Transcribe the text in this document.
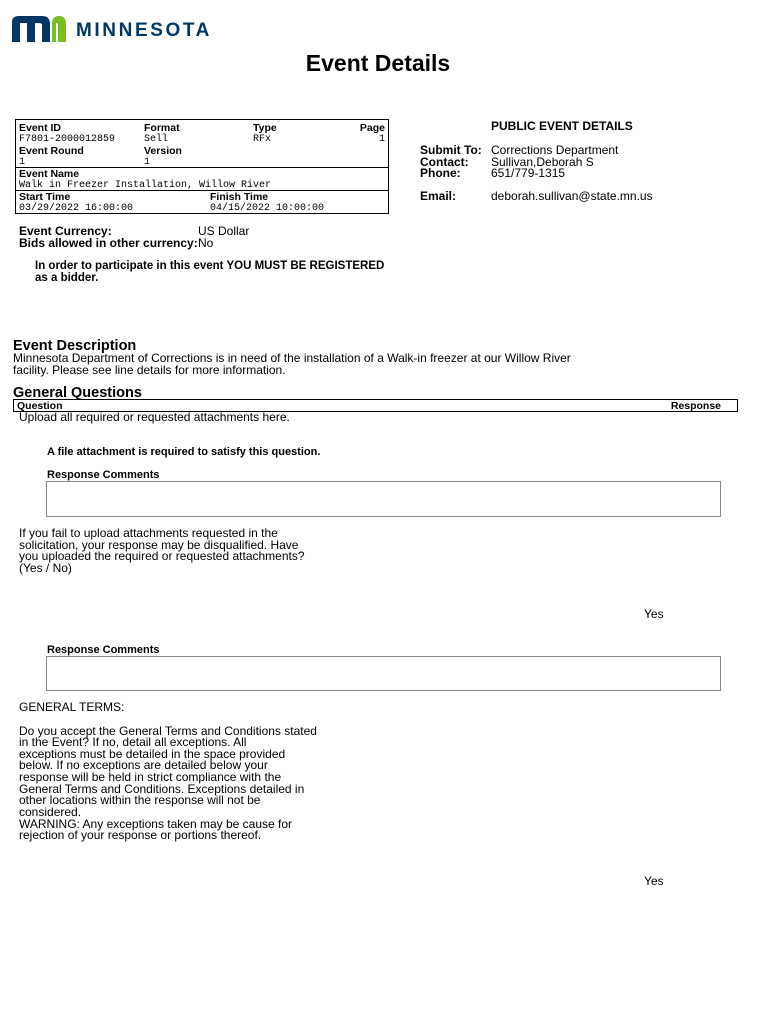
MINNESOTA
Event Details
Event ID	Format	Type	Page
F7801-2000012859	Sell	RFx	1
Event Round	Version
1	1
Event Name
Walk in Freezer Installation, Willow River
Start Time	Finish Time
03/29/2022 16:00:00	04/15/2022 10:00:00
PUBLIC EVENT DETAILS
Submit To: Corrections Department
Contact: Sullivan,Deborah S
Phone:	651/779-1315
Email:	deborah.sullivan@state.mn.us
Event Currency:	US Dollar
Bids allowed in other currency: No
In order to participate in this event YOU MUST BE REGISTERED
as a bidder.
Event Description
Minnesota Department of Corrections is in need of the installation of a Walk-in freezer at our Willow River
facility. Please see line details for more information.
General Questions
Question	Response
Upload all required or requested attachments here.
A file attachment is required to satisfy this question.
Response Comments
If you fail to upload attachments requested in the
solicitation, your response may be disqualified. Have
you uploaded the required or requested attachments?
(Yes / No)
Yes
Response Comments
GENERAL TERMS:
Do you accept the General Terms and Conditions stated
in the Event? If no, detail all exceptions. All
exceptions must be detailed in the space provided
below. If no exceptions are detailed below your
response will be held in strict compliance with the
General Terms and Conditions. Exceptions detailed in
other locations within the response will not be
considered.
WARNING: Any exceptions taken may be cause for
rejection of your response or portions thereof.
Yes
